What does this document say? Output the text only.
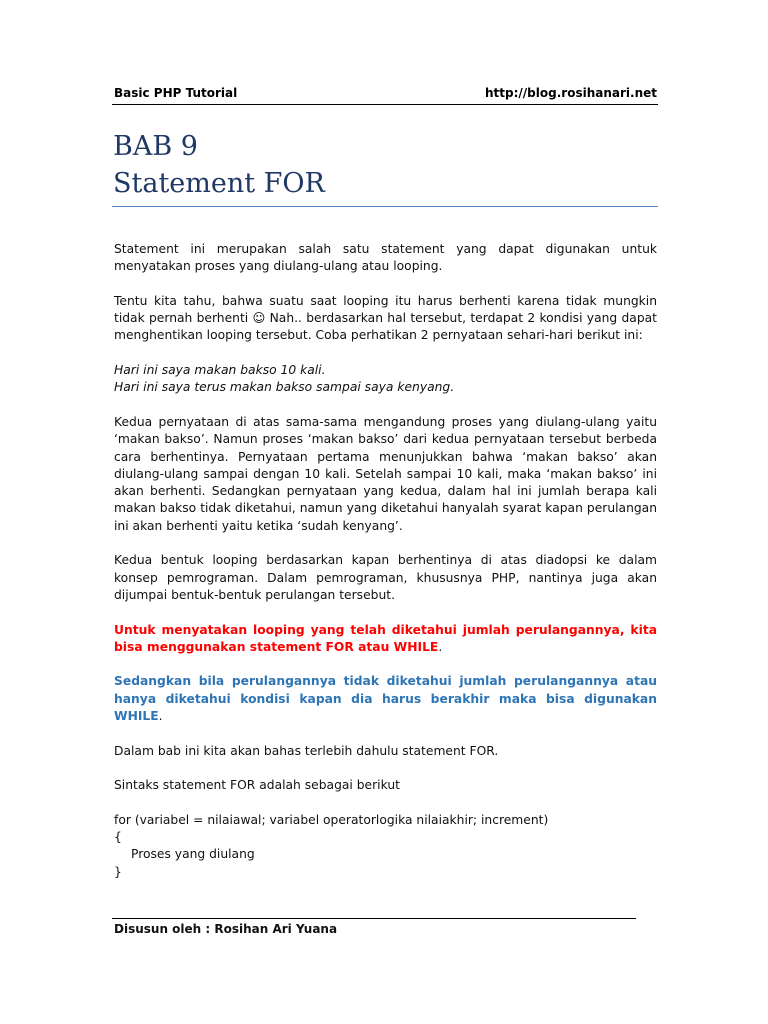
Basic PHP Tutorial	http://blog.rosihanari.net
BAB 9
Statement FOR

Statement ini merupakan salah satu statement yang dapat digunakan untuk menyatakan proses yang diulang-ulang atau looping.

Tentu kita tahu, bahwa suatu saat looping itu harus berhenti karena tidak mungkin tidak pernah berhenti ☺ Nah.. berdasarkan hal tersebut, terdapat 2 kondisi yang dapat menghentikan looping tersebut. Coba perhatikan 2 pernyataan sehari-hari berikut ini:

Hari ini saya makan bakso 10 kali.

Hari ini saya terus makan bakso sampai saya kenyang.

Kedua pernyataan di atas sama-sama mengandung proses yang diulang-ulang yaitu ‘makan bakso’. Namun proses ‘makan bakso’ dari kedua pernyataan tersebut berbeda cara berhentinya. Pernyataan pertama menunjukkan bahwa ‘makan bakso’ akan diulang-ulang sampai dengan 10 kali. Setelah sampai 10 kali, maka ‘makan bakso’ ini akan berhenti. Sedangkan pernyataan yang kedua, dalam hal ini jumlah berapa kali makan bakso tidak diketahui, namun yang diketahui hanyalah syarat kapan perulangan ini akan berhenti yaitu ketika ‘sudah kenyang’.

Kedua bentuk looping berdasarkan kapan berhentinya di atas diadopsi ke dalam konsep pemrograman. Dalam pemrograman, khususnya PHP, nantinya juga akan dijumpai bentuk-bentuk perulangan tersebut.

Untuk menyatakan looping yang telah diketahui jumlah perulangannya, kita bisa menggunakan statement FOR atau WHILE.

Sedangkan bila perulangannya tidak diketahui jumlah perulangannya atau hanya diketahui kondisi kapan dia harus berakhir maka bisa digunakan WHILE.

Dalam bab ini kita akan bahas terlebih dahulu statement FOR.

Sintaks statement FOR adalah sebagai berikut

for (variabel = nilaiawal; variabel operatorlogika nilaiakhir; increment)

{

Proses yang diulang

}

Disusun oleh : Rosihan Ari Yuana
